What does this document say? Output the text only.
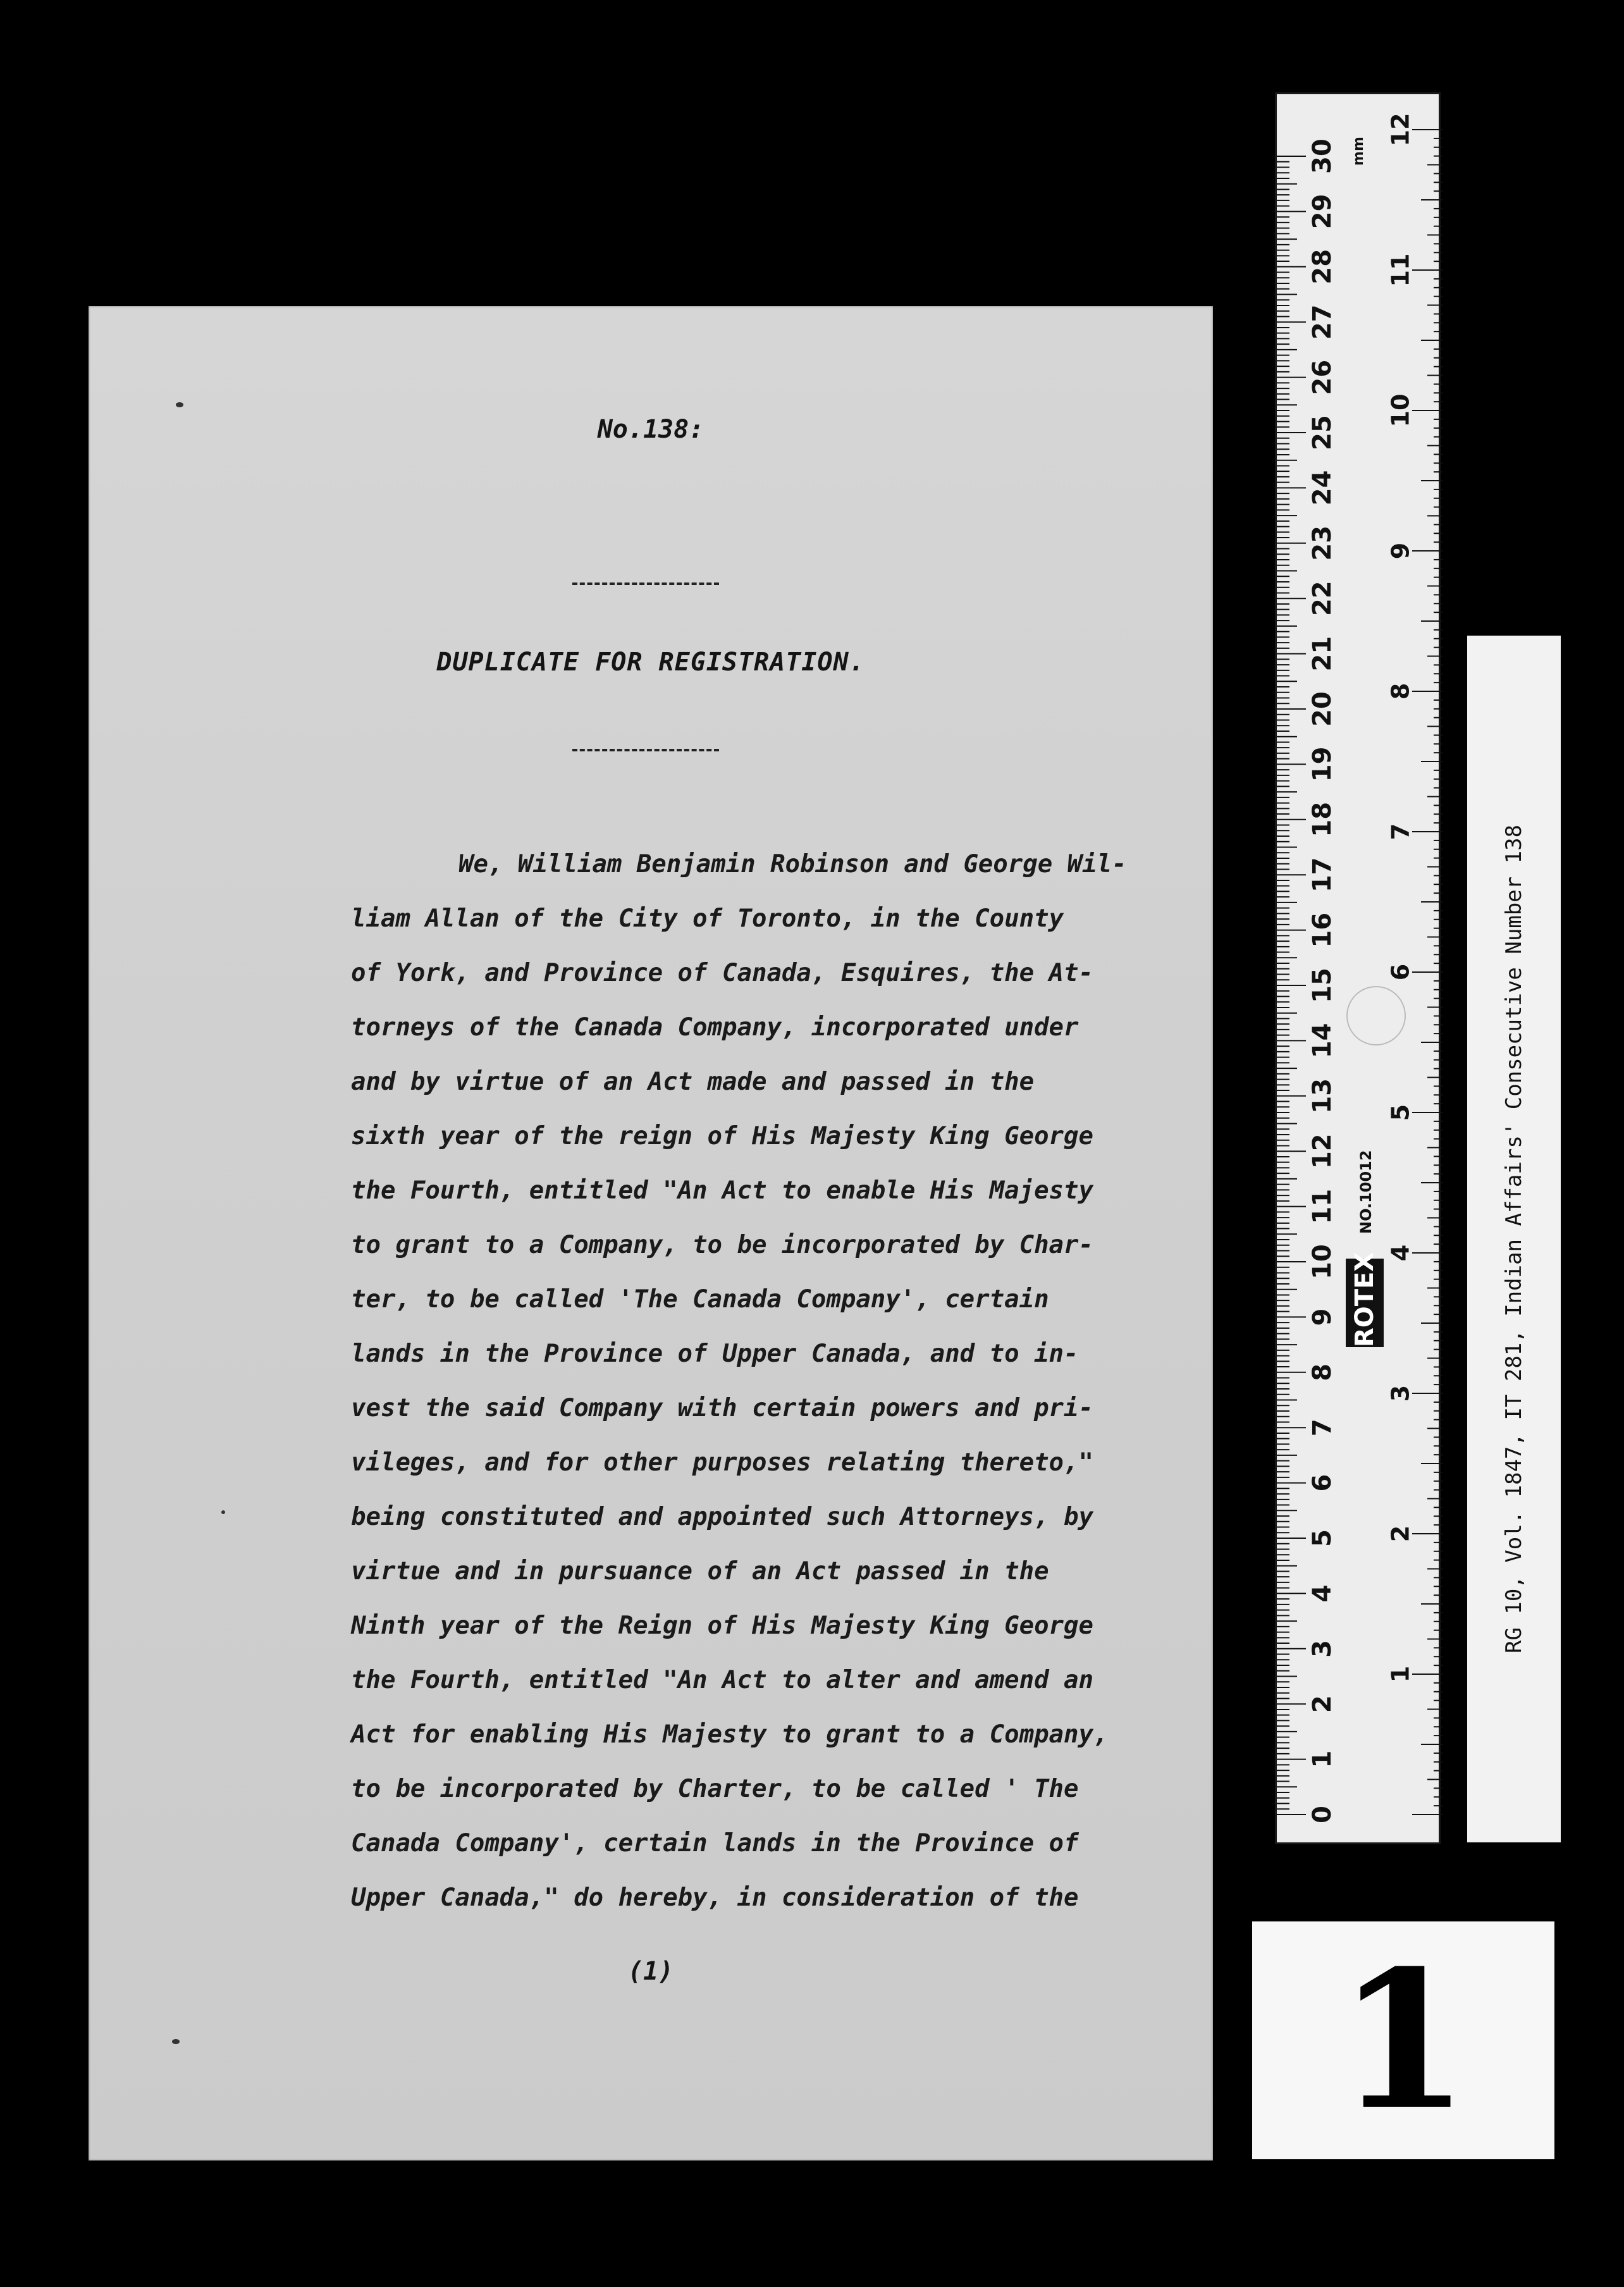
No.138:
DUPLICATE FOR REGISTRATION.
We, William Benjamin Robinson and George Wil-
liam Allan of the City of Toronto, in the County
of York, and Province of Canada, Esquires, the At-
torneys of the Canada Company, incorporated under
and by virtue of an Act made and passed in the
sixth year of the reign of His Majesty King George
the Fourth, entitled "An Act to enable His Majesty
to grant to a Company, to be incorporated by Char-
ter, to be called 'The Canada Company', certain
lands in the Province of Upper Canada, and to in-
vest the said Company with certain powers and pri-
vileges, and for other purposes relating thereto,"
being constituted and appointed such Attorneys, by
virtue and in pursuance of an Act passed in the
Ninth year of the Reign of His Majesty King George
the Fourth, entitled "An Act to alter and amend an
Act for enabling His Majesty to grant to a Company,
to be incorporated by Charter, to be called ' The
Canada Company', certain lands in the Province of
Upper Canada," do hereby, in consideration of the
(1)
0
1
2
3
4
5
6
7
8
9
10
11
12
13
14
15
16
17
18
19
20
21
22
23
24
25
26
27
28
29
30 mm
1
2
3
4
5
6
7
8
9
10
11
12
NO.10012
ROTEX	RG 10, Vol. 1847, IT 281, Indian Affairs' Consecutive Number 138
1
